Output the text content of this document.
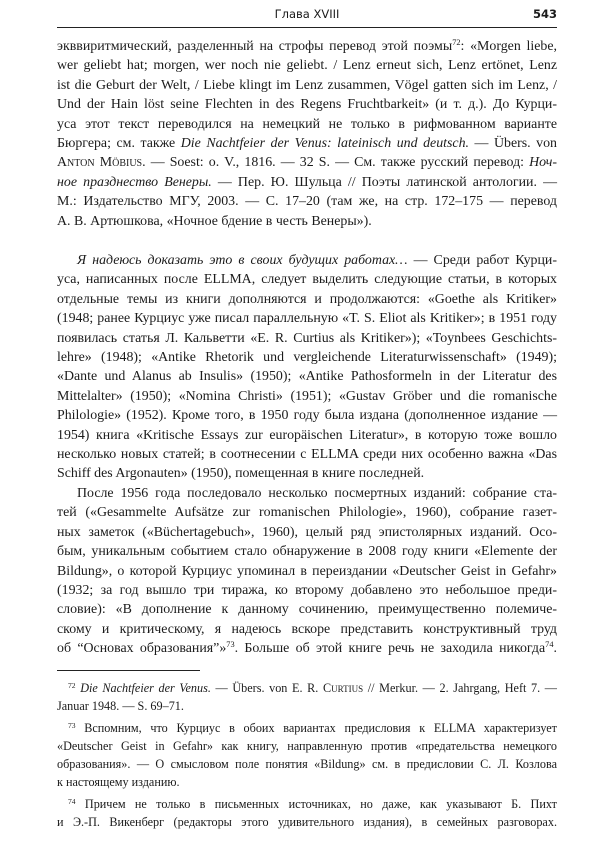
Глава XVIII	543
экввиритмический, разделенный на строфы перевод этой поэмы$^{72}$: «Morgen liebe,
wer geliebt hat; morgen, wer noch nie geliebt. / Lenz erneut sich, Lenz ertönet, Lenz
ist die Geburt der Welt, / Liebe klingt im Lenz zusammen, Vögel gatten sich im Lenz, /
Und der Hain löst seine Flechten in des Regens Fruchtbarkeit» (и т. д.). До Курци-
уса этот текст переводился на немецкий не только в рифмованном варианте
Бюргера; см. также Die Nachtfeier der Venus: lateinisch und deutsch. — Übers. von
Anton Möbius. — Soest: o. V., 1816. — 32 S. — См. также русский перевод: Ноч-
ное празднество Венеры. — Пер. Ю. Шульца // Поэты латинской антологии. —
М.: Издательство МГУ, 2003. — С. 17–20 (там же, на стр. 172–175 — перевод
А. В. Артюшкова, «Ночное бдение в честь Венеры»).
Я надеюсь доказать это в своих будущих работах… — Среди работ Курци-
уса, написанных после ELLMA, следует выделить следующие статьи, в которых
отдельные темы из книги дополняются и продолжаются: «Goethe als Kritiker»
(1948; ранее Курциус уже писал параллельную «T. S. Eliot als Kritiker»; в 1951 году
появилась статья Л. Кальветти «E. R. Curtius als Kritiker»); «Toynbees Geschichts-
lehre» (1948); «Antike Rhetorik und vergleichende Literaturwissenschaft» (1949);
«Dante und Alanus ab Insulis» (1950); «Antike Pathosformeln in der Literatur des
Mittelalter» (1950); «Nomina Christi» (1951); «Gustav Gröber und die romanische
Philologie» (1952). Кроме того, в 1950 году была издана (дополненное издание —
1954) книга «Kritische Essays zur europäischen Literatur», в которую тоже вошло
несколько новых статей; в соотнесении с ELLMA среди них особенно важна «Das
Schiff des Argonauten» (1950), помещенная в книге последней.
После 1956 года последовало несколько посмертных изданий: собрание ста-
тей («Gesammelte Aufsätze zur romanischen Philologie», 1960), собрание газет-
ных заметок («Büchertagebuch», 1960), целый ряд эпистолярных изданий. Осо-
бым, уникальным событием стало обнаружение в 2008 году книги «Elemente der
Bildung», о которой Курциус упоминал в переиздании «Deutscher Geist in Gefahr»
(1932; за год вышло три тиража, ко второму добавлено это небольшое преди-
словие): «В дополнение к данному сочинению, преимущественно полемиче-
скому и критическому, я надеюсь вскоре представить конструктивный труд
об “Основах образования”»$^{73}$. Больше об этой книге речь не заходила никогда$^{74}$.
$^{72}$ Die Nachtfeier der Venus. — Übers. von E. R. Curtius // Merkur. — 2. Jahrgang, Heft 7. —
Januar 1948. — S. 69–71.
$^{73}$ Вспомним, что Курциус в обоих вариантах предисловия к ELLMA характеризует
«Deutscher Geist in Gefahr» как книгу, направленную против «предательства немецкого
образования». — О смысловом поле понятия «Bildung» см. в предисловии С. Л. Козлова
к настоящему изданию.
$^{74}$ Причем не только в письменных источниках, но даже, как указывают Б. Пихт
и Э.-П. Викенберг (редакторы этого удивительного издания), в семейных разговорах.
